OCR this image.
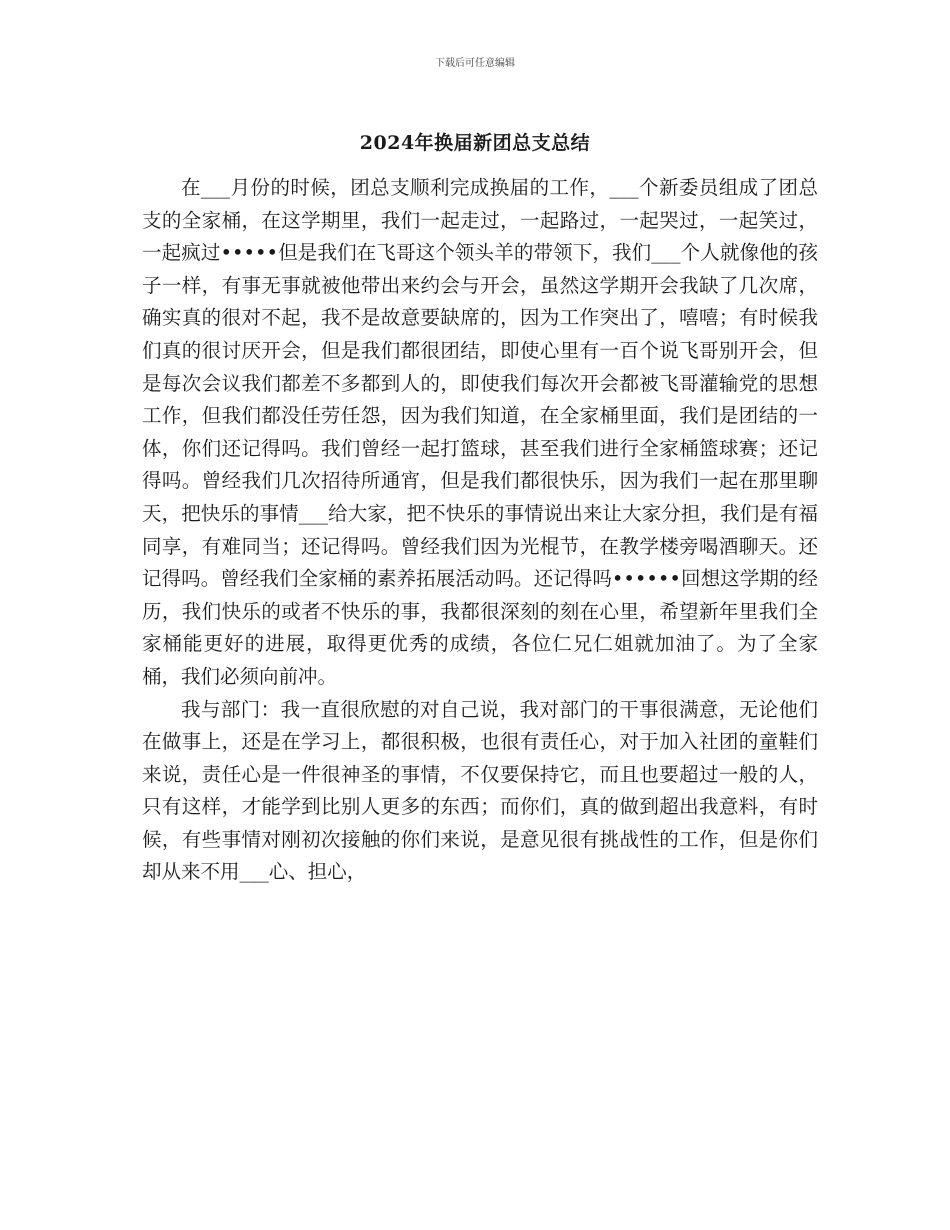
下载后可任意编辑
2024年换届新团总支总结

在___月份的时候，团总支顺利完成换届的工作，___个新委员组成了团总支的全家桶，在这学期里，我们一起走过，一起路过，一起哭过，一起笑过，一起疯过•••••但是我们在飞哥这个领头羊的带领下，我们___个人就像他的孩子一样，有事无事就被他带出来约会与开会，虽然这学期开会我缺了几次席，确实真的很对不起，我不是故意要缺席的，因为工作突出了，嘻嘻；有时候我们真的很讨厌开会，但是我们都很团结，即使心里有一百个说飞哥别开会，但是每次会议我们都差不多都到人的，即使我们每次开会都被飞哥灌输党的思想工作，但我们都没任劳任怨，因为我们知道，在全家桶里面，我们是团结的一体，你们还记得吗。我们曾经一起打篮球，甚至我们进行全家桶篮球赛；还记得吗。曾经我们几次招待所通宵，但是我们都很快乐，因为我们一起在那里聊天，把快乐的事情___给大家，把不快乐的事情说出来让大家分担，我们是有福同享，有难同当；还记得吗。曾经我们因为光棍节，在教学楼旁喝酒聊天。还记得吗。曾经我们全家桶的素养拓展活动吗。还记得吗••••••回想这学期的经历，我们快乐的或者不快乐的事，我都很深刻的刻在心里，希望新年里我们全家桶能更好的进展，取得更优秀的成绩，各位仁兄仁姐就加油了。为了全家桶，我们必须向前冲。

我与部门：我一直很欣慰的对自己说，我对部门的干事很满意，无论他们在做事上，还是在学习上，都很积极，也很有责任心，对于加入社团的童鞋们来说，责任心是一件很神圣的事情，不仅要保持它，而且也要超过一般的人，只有这样，才能学到比别人更多的东西；而你们，真的做到超出我意料，有时候，有些事情对刚初次接触的你们来说，是意见很有挑战性的工作，但是你们却从来不用___心、担心，
